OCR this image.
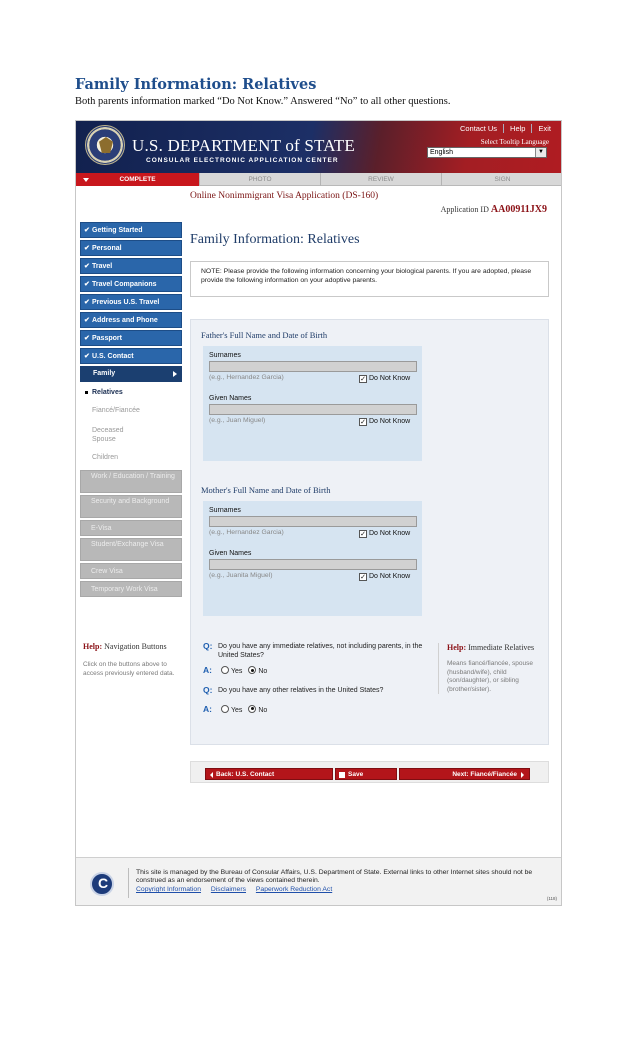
Family Information: Relatives
Both parents information marked “Do Not Know.” Answered “No” to all other questions.
U.S. DEPARTMENT of STATE
CONSULAR ELECTRONIC APPLICATION CENTER
Contact Us	Help	Exit
Select Tooltip Language
English	▼
COMPLETE	PHOTO	REVIEW	SIGN
Online Nonimmigrant Visa Application (DS-160)
Application ID AA00911JX9
✔ Getting Started
✔ Personal
✔ Travel
✔ Travel Companions
✔ Previous U.S. Travel
✔ Address and Phone
✔ Passport
✔ U.S. Contact
Family
Relatives
Fiancé/Fiancée
Deceased Spouse
Children
Work / Education / Training
Security and Background
E-Visa
Student/Exchange Visa
Crew Visa
Temporary Work Visa
Help: Navigation Buttons
Click on the buttons above to access previously entered data.
Family Information: Relatives
NOTE: Please provide the following information concerning your biological parents. If you are adopted, please provide the following information on your adoptive parents.
Father's Full Name and Date of Birth
Surnames
(e.g., Hernandez Garcia)	✓ Do Not Know
Given Names
(e.g., Juan Miguel)	✓ Do Not Know
Mother's Full Name and Date of Birth
Surnames
(e.g., Hernandez Garcia)	✓ Do Not Know
Given Names
(e.g., Juanita Miguel)	✓ Do Not Know
Q: Do you have any immediate relatives, not including parents, in the United States?
A:	Yes No
Q: Do you have any other relatives in the United States?
A:	Yes No
Help: Immediate Relatives
Means fiancé/fiancée, spouse (husband/wife), child (son/daughter), or sibling (brother/sister).
Back: U.S. Contact	Save	Next: Fiancé/Fiancée
C
This site is managed by the Bureau of Consular Affairs, U.S. Department of State. External links to other Internet sites should not be construed as an endorsement of the views contained therein.
Copyright Information Disclaimers Paperwork Reduction Act
(118)
